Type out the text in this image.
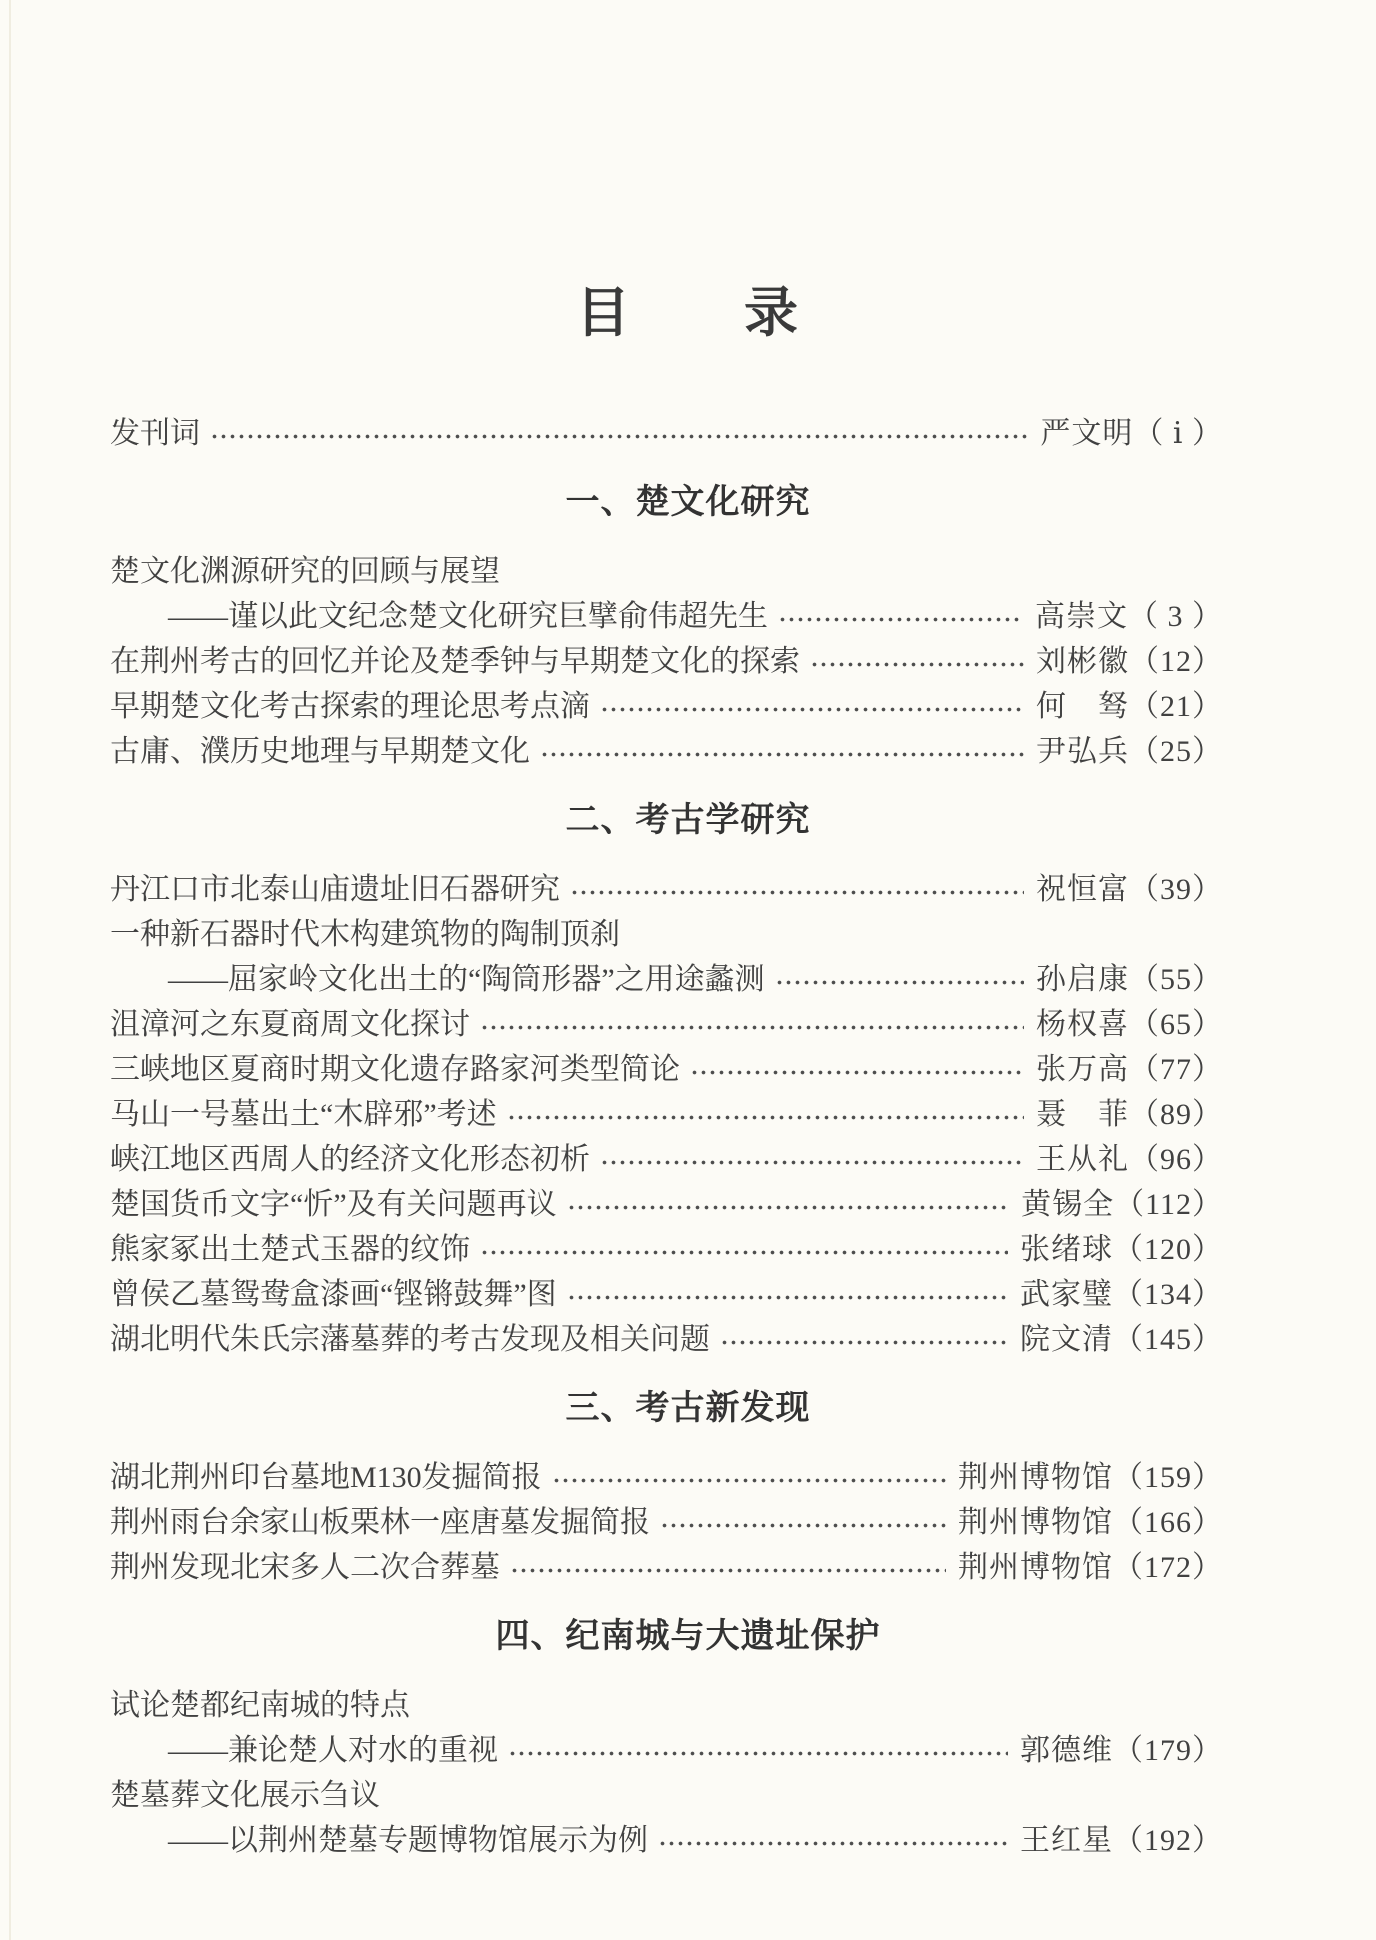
目　　录
发刊词	严文明（ ⅰ ）
一、楚文化研究
楚文化渊源研究的回顾与展望
——谨以此文纪念楚文化研究巨擘俞伟超先生	高崇文（ 3 ）
在荆州考古的回忆并论及楚季钟与早期楚文化的探索	刘彬徽（12）
早期楚文化考古探索的理论思考点滴	何　驽（21）
古庸、濮历史地理与早期楚文化	尹弘兵（25）
二、考古学研究
丹江口市北泰山庙遗址旧石器研究	祝恒富（39）
一种新石器时代木构建筑物的陶制顶刹
——屈家岭文化出土的“陶筒形器”之用途蠡测	孙启康（55）
沮漳河之东夏商周文化探讨	杨权喜（65）
三峡地区夏商时期文化遗存路家河类型简论	张万高（77）
马山一号墓出土“木辟邪”考述	聂　菲（89）
峡江地区西周人的经济文化形态初析	王从礼（96）
楚国货币文字“忻”及有关问题再议	黄锡全（112）
熊家冢出土楚式玉器的纹饰	张绪球（120）
曾侯乙墓鸳鸯盒漆画“铿锵鼓舞”图	武家璧（134）
湖北明代朱氏宗藩墓葬的考古发现及相关问题	院文清（145）
三、考古新发现
湖北荆州印台墓地M130发掘简报	荆州博物馆（159）
荆州雨台余家山板栗林一座唐墓发掘简报	荆州博物馆（166）
荆州发现北宋多人二次合葬墓	荆州博物馆（172）
四、纪南城与大遗址保护
试论楚都纪南城的特点
——兼论楚人对水的重视	郭德维（179）
楚墓葬文化展示刍议
——以荆州楚墓专题博物馆展示为例	王红星（192）
